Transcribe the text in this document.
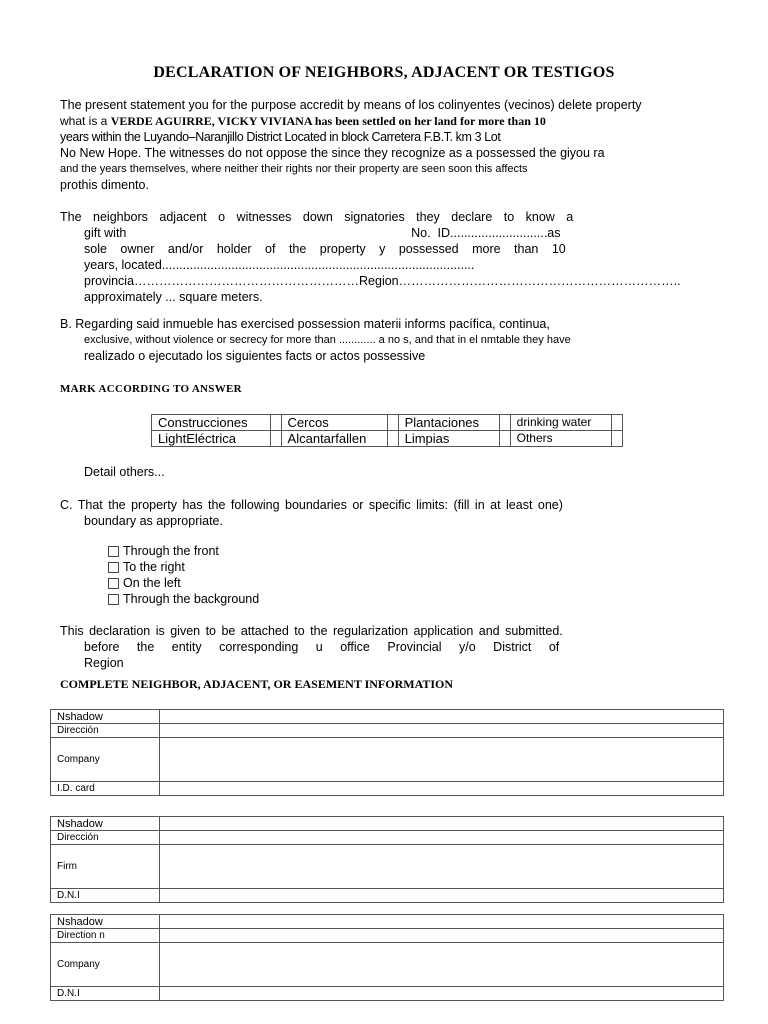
DECLARATION OF NEIGHBORS, ADJACENT OR TESTIGOS
The present statement you for the purpose accredit by means of los colinyentes (vecinos) delete property
what is a VERDE AGUIRRE, VICKY VIVIANA has been settled on her land for more than 10
years within the Luyando–Naranjillo District Located in block Carretera F.B.T. km 3 Lot
No New Hope. The witnesses do not oppose the since they recognize as a possessed the giyou ra
and the years themselves, where neither their rights nor their property are seen soon this affects
prothis dimento.
The neighbors adjacent o witnesses down signatories they declare to know a
gift with                                                                                  No.  ID............................as
sole owner and/or holder of the property y possessed more than 10
years, located..........................................................................................
provincia………………………………………………Region…………………………………………………………..
approximately ... square meters.
B. Regarding said inmueble has exercised possession materii informs pacífica, continua,
exclusive, without violence or secrecy for more than ............ a no s, and that in el nmtable they have
realizado o ejecutado los siguientes facts or actos possessive
MARK ACCORDING TO ANSWER
Construcciones		Cercos		Plantaciones		drinking water	
LightEléctrica		Alcantarfallen		Limpias		Others	
Detail others...
C. That the property has the following boundaries or specific limits: (fill in at least one)
boundary as appropriate.
Through the front
To the right
On the left
Through the background
This declaration is given to be attached to the regularization application and submitted.
before the entity corresponding u office Provincial y/o District of
Region
COMPLETE NEIGHBOR, ADJACENT, OR EASEMENT INFORMATION
Nshadow	
Dirección	
Company	
I.D. card	
Nshadow	
Dirección	
Firm	
D.N.I	
Nshadow	
Direction n	
Company	
D.N.I	
